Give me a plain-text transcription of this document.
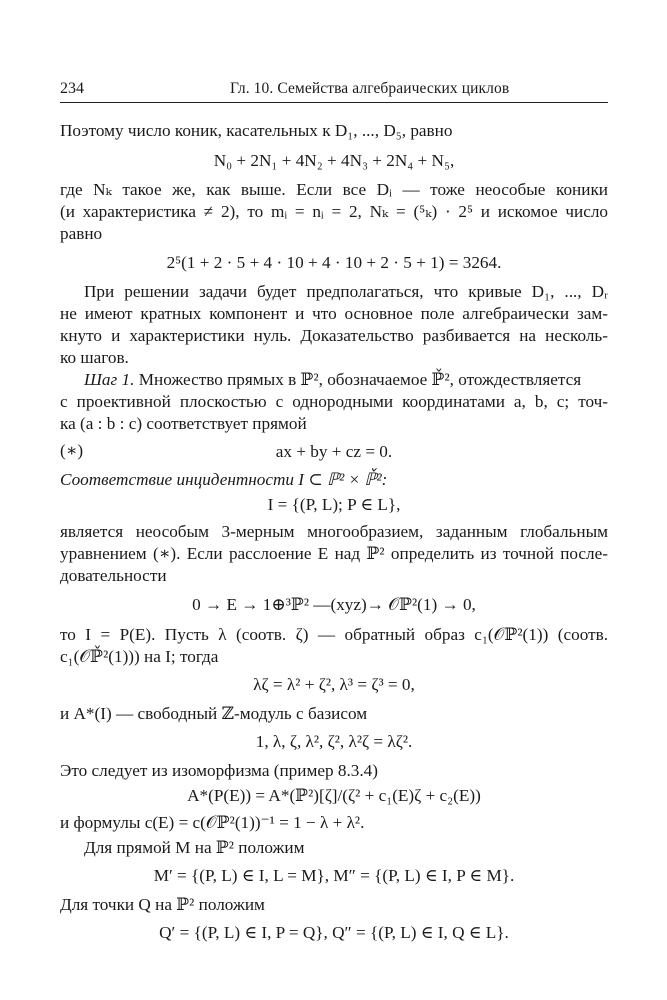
234	Гл. 10. Семейства алгебраических циклов
Поэтому число коник, касательных к D₁, ..., D₅, равно
N₀ + 2N₁ + 4N₂ + 4N₃ + 2N₄ + N₅,
где Nₖ такое же, как выше. Если все Dᵢ — тоже неособые коники
(и характеристика ≠ 2), то mᵢ = nᵢ = 2, Nₖ = (⁵ₖ) · 2⁵ и искомое число
равно
2⁵(1 + 2 · 5 + 4 · 10 + 4 · 10 + 2 · 5 + 1) = 3264.
При решении задачи будет предполагаться, что кривые D₁, ..., Dᵣ
не имеют кратных компонент и что основное поле алгебраически зам-
кнуто и характеристики нуль. Доказательство разбивается на несколь-
ко шагов.
Шаг 1. Множество прямых в ℙ², обозначаемое ℙ̌², отождествляется
с проективной плоскостью с однородными координатами a, b, c; точ-
ка (a : b : c) соответствует прямой
(∗)	ax + by + cz = 0.
Соответствие инцидентности I ⊂ ℙ² × ℙ̌²:
I = {(P, L); P ∈ L},
является неособым 3-мерным многообразием, заданным глобальным
уравнением (∗). Если расслоение E над ℙ² определить из точной после-
довательности
0 → E → 1⊕³ℙ² —(xyz)→ 𝒪ℙ²(1) → 0,
то I = P(E). Пусть λ (соотв. ζ) — обратный образ c₁(𝒪ℙ²(1)) (соотв.
c₁(𝒪ℙ̌²(1))) на I; тогда
λζ = λ² + ζ², λ³ = ζ³ = 0,
и A*(I) — свободный ℤ-модуль с базисом
1, λ, ζ, λ², ζ², λ²ζ = λζ².
Это следует из изоморфизма (пример 8.3.4)
A*(P(E)) = A*(ℙ²)[ζ]/(ζ² + c₁(E)ζ + c₂(E))
и формулы c(E) = c(𝒪ℙ²(1))⁻¹ = 1 − λ + λ².
Для прямой M на ℙ² положим
M′ = {(P, L) ∈ I, L = M}, M″ = {(P, L) ∈ I, P ∈ M}.
Для точки Q на ℙ² положим
Q′ = {(P, L) ∈ I, P = Q}, Q″ = {(P, L) ∈ I, Q ∈ L}.
